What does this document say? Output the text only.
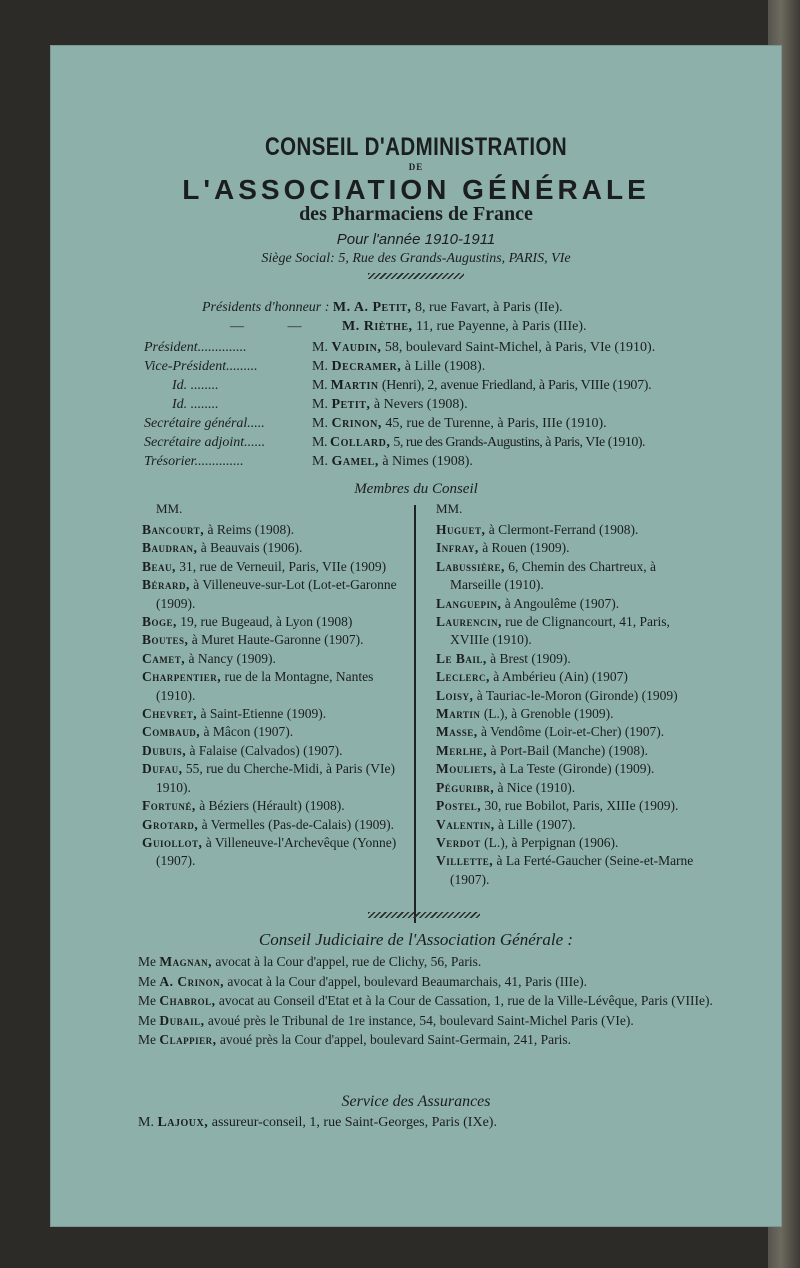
CONSEIL D'ADMINISTRATION
DE
L'ASSOCIATION GÉNÉRALE
des Pharmaciens de France
Pour l'année 1910-1911
Siège Social: 5, Rue des Grands-Augustins, PARIS, VIe
Présidents d'honneur : M. A. Petit, 8, rue Favart, à Paris (IIe).
— —	M. Rièthe, 11, rue Payenne, à Paris (IIIe).
Président..............	M. Vaudin, 58, boulevard Saint-Michel, à Paris, VIe (1910).
Vice-Président.........	M. Decramer, à Lille (1908).
Id. ........	M. Martin (Henri), 2, avenue Friedland, à Paris, VIIIe (1907).
Id. ........	M. Petit, à Nevers (1908).
Secrétaire général.....	M. Crinon, 45, rue de Turenne, à Paris, IIIe (1910).
Secrétaire adjoint......	M. Collard, 5, rue des Grands-Augustins, à Paris, VIe (1910).
Trésorier..............	M. Gamel, à Nimes (1908).
Membres du Conseil
MM.	MM.
Bancourt, à Reims (1908).
Baudran, à Beauvais (1906).
Beau, 31, rue de Verneuil, Paris, VIIe (1909)
Bérard, à Villeneuve-sur-Lot (Lot-et-Garonne (1909).
Boge, 19, rue Bugeaud, à Lyon (1908)
Boutes, à Muret Haute-Garonne (1907).
Camet, à Nancy (1909).
Charpentier, rue de la Montagne, Nantes (1910).
Chevret, à Saint-Etienne (1909).
Combaud, à Mâcon (1907).
Dubuis, à Falaise (Calvados) (1907).
Dufau, 55, rue du Cherche-Midi, à Paris (VIe) 1910).
Fortuné, à Béziers (Hérault) (1908).
Grotard, à Vermelles (Pas-de-Calais) (1909).
Guiollot, à Villeneuve-l'Archevêque (Yonne) (1907).
Huguet, à Clermont-Ferrand (1908).
Infray, à Rouen (1909).
Labussière, 6, Chemin des Chartreux, à Marseille (1910).
Languepin, à Angoulême (1907).
Laurencin, rue de Clignancourt, 41, Paris, XVIIIe (1910).
Le Bail, à Brest (1909).
Leclerc, à Ambérieu (Ain) (1907)
Loisy, à Tauriac-le-Moron (Gironde) (1909)
Martin (L.), à Grenoble (1909).
Masse, à Vendôme (Loir-et-Cher) (1907).
Merlhe, à Port-Bail (Manche) (1908).
Mouliets, à La Teste (Gironde) (1909).
Péguribr, à Nice (1910).
Postel, 30, rue Bobilot, Paris, XIIIe (1909).
Valentin, à Lille (1907).
Verdot (L.), à Perpignan (1906).
Villette, à La Ferté-Gaucher (Seine-et-Marne (1907).
Conseil Judiciaire de l'Association Générale :
Me Magnan, avocat à la Cour d'appel, rue de Clichy, 56, Paris.
Me A. Crinon, avocat à la Cour d'appel, boulevard Beaumarchais, 41, Paris (IIIe).
Me Chabrol, avocat au Conseil d'Etat et à la Cour de Cassation, 1, rue de la Ville-Lévêque, Paris (VIIIe).
Me Dubail, avoué près le Tribunal de 1re instance, 54, boulevard Saint-Michel Paris (VIe).
Me Clappier, avoué près la Cour d'appel, boulevard Saint-Germain, 241, Paris.
Service des Assurances
M. Lajoux, assureur-conseil, 1, rue Saint-Georges, Paris (IXe).
